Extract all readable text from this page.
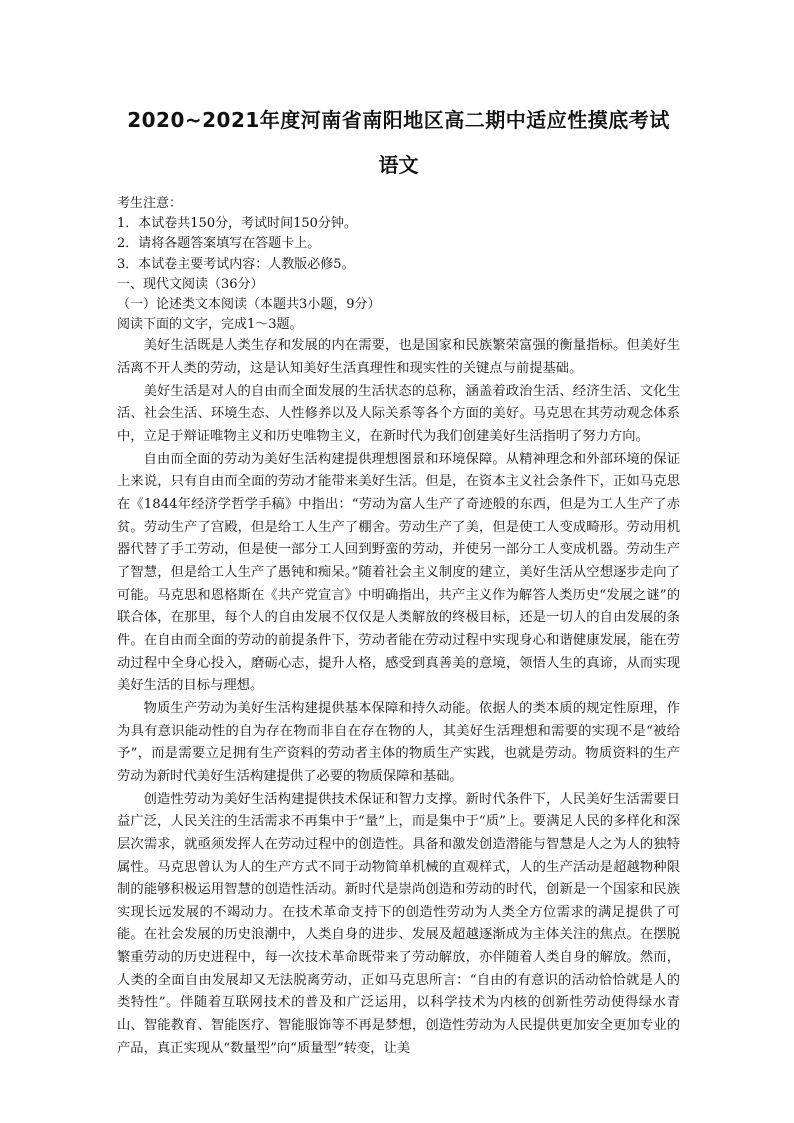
2020~2021年度河南省南阳地区高二期中适应性摸底考试
语文
考生注意：
1．本试卷共150分，考试时间150分钟。
2．请将各题答案填写在答题卡上。
3．本试卷主要考试内容：人教版必修5。
一、现代文阅读（36分）
（一）论述类文本阅读（本题共3小题，9分）
阅读下面的文字，完成1～3题。

美好生活既是人类生存和发展的内在需要，也是国家和民族繁荣富强的衡量指标。但美好生活离不开人类的劳动，这是认知美好生活真理性和现实性的关键点与前提基础。

美好生活是对人的自由而全面发展的生活状态的总称，涵盖着政治生活、经济生活、文化生活、社会生活、环境生态、人性修养以及人际关系等各个方面的美好。马克思在其劳动观念体系中，立足于辩证唯物主义和历史唯物主义，在新时代为我们创建美好生活指明了努力方向。

自由而全面的劳动为美好生活构建提供理想图景和环境保障。从精神理念和外部环境的保证上来说，只有自由而全面的劳动才能带来美好生活。但是，在资本主义社会条件下，正如马克思在《1844年经济学哲学手稿》中指出：“劳动为富人生产了奇迹般的东西，但是为工人生产了赤贫。劳动生产了宫殿，但是给工人生产了棚舍。劳动生产了美，但是使工人变成畸形。劳动用机器代替了手工劳动，但是使一部分工人回到野蛮的劳动，并使另一部分工人变成机器。劳动生产了智慧，但是给工人生产了愚钝和痴呆。”随着社会主义制度的建立，美好生活从空想逐步走向了可能。马克思和恩格斯在《共产党宣言》中明确指出，共产主义作为解答人类历史“发展之谜”的联合体，在那里，每个人的自由发展不仅仅是人类解放的终极目标，还是一切人的自由发展的条件。在自由而全面的劳动的前提条件下，劳动者能在劳动过程中实现身心和谐健康发展，能在劳动过程中全身心投入，磨砺心志，提升人格，感受到真善美的意境，领悟人生的真谛，从而实现美好生活的目标与理想。

物质生产劳动为美好生活构建提供基本保障和持久动能。依据人的类本质的规定性原理，作为具有意识能动性的自为存在物而非自在存在物的人，其美好生活理想和需要的实现不是“被给予”，而是需要立足拥有生产资料的劳动者主体的物质生产实践，也就是劳动。物质资料的生产劳动为新时代美好生活构建提供了必要的物质保障和基础。

创造性劳动为美好生活构建提供技术保证和智力支撑。新时代条件下，人民美好生活需要日益广泛，人民关注的生活需求不再集中于“量”上，而是集中于“质”上。要满足人民的多样化和深层次需求，就亟须发挥人在劳动过程中的创造性。具备和激发创造潜能与智慧是人之为人的独特属性。马克思曾认为人的生产方式不同于动物简单机械的直观样式，人的生产活动是超越物种限制的能够积极运用智慧的创造性活动。新时代是崇尚创造和劳动的时代，创新是一个国家和民族实现长远发展的不竭动力。在技术革命支持下的创造性劳动为人类全方位需求的满足提供了可能。在社会发展的历史浪潮中，人类自身的进步、发展及超越逐渐成为主体关注的焦点。在摆脱繁重劳动的历史进程中，每一次技术革命既带来了劳动解放，亦伴随着人类自身的解放。然而，人类的全面自由发展却又无法脱离劳动，正如马克思所言：“自由的有意识的活动恰恰就是人的类特性”。伴随着互联网技术的普及和广泛运用，以科学技术为内核的创新性劳动使得绿水青山、智能教育、智能医疗、智能服饰等不再是梦想，创造性劳动为人民提供更加安全更加专业的产品，真正实现从“数量型”向“质量型”转变，让美
